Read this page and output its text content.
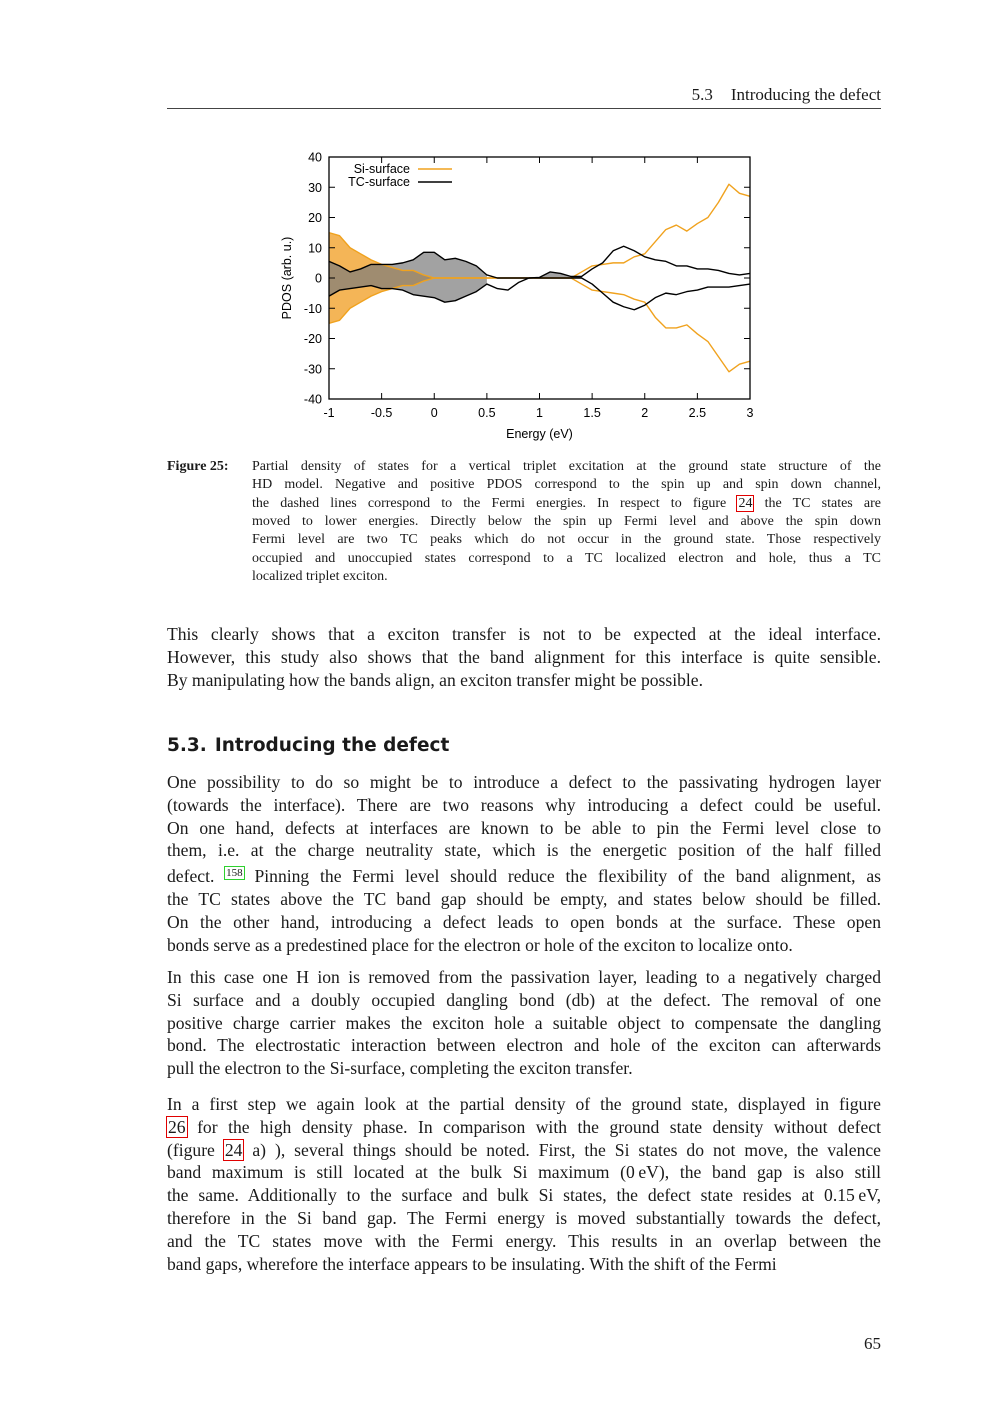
5.3 Introducing the defect
-1	-0.5	0	0.5	1	1.5	2	2.5	3
40
30
20
10
0
-10
-20
-30
-40
Energy (eV)
PDOS (arb. u.)
Si-surface
TC-surface
Figure 25: Partial density of states for a vertical triplet excitation at the ground state structure of the
HD model. Negative and positive PDOS correspond to the spin up and spin down channel,
the dashed lines correspond to the Fermi energies. In respect to figure 24 the TC states are
moved to lower energies. Directly below the spin up Fermi level and above the spin down
Fermi level are two TC peaks which do not occur in the ground state. Those respectively
occupied and unoccupied states correspond to a TC localized electron and hole, thus a TC
localized triplet exciton.
This clearly shows that a exciton transfer is not to be expected at the ideal interface.
However, this study also shows that the band alignment for this interface is quite sensible.
By manipulating how the bands align, an exciton transfer might be possible.
5.3. Introducing the defect
One possibility to do so might be to introduce a defect to the passivating hydrogen layer
(towards the interface). There are two reasons why introducing a defect could be useful.
On one hand, defects at interfaces are known to be able to pin the Fermi level close to
them, i.e. at the charge neutrality state, which is the energetic position of the half filled
defect. $^{158}$ Pinning the Fermi level should reduce the flexibility of the band alignment, as
the TC states above the TC band gap should be empty, and states below should be filled.
On the other hand, introducing a defect leads to open bonds at the surface. These open
bonds serve as a predestined place for the electron or hole of the exciton to localize onto.
In this case one H ion is removed from the passivation layer, leading to a negatively charged
Si surface and a doubly occupied dangling bond (db) at the defect. The removal of one
positive charge carrier makes the exciton hole a suitable object to compensate the dangling
bond. The electrostatic interaction between electron and hole of the exciton can afterwards
pull the electron to the Si-surface, completing the exciton transfer.
In a first step we again look at the partial density of the ground state, displayed in figure
26 for the high density phase. In comparison with the ground state density without defect
(figure 24 a) ), several things should be noted. First, the Si states do not move, the valence
band maximum is still located at the bulk Si maximum (0 eV), the band gap is also still
the same. Additionally to the surface and bulk Si states, the defect state resides at 0.15 eV,
therefore in the Si band gap. The Fermi energy is moved substantially towards the defect,
and the TC states move with the Fermi energy. This results in an overlap between the
band gaps, wherefore the interface appears to be insulating. With the shift of the Fermi
65
